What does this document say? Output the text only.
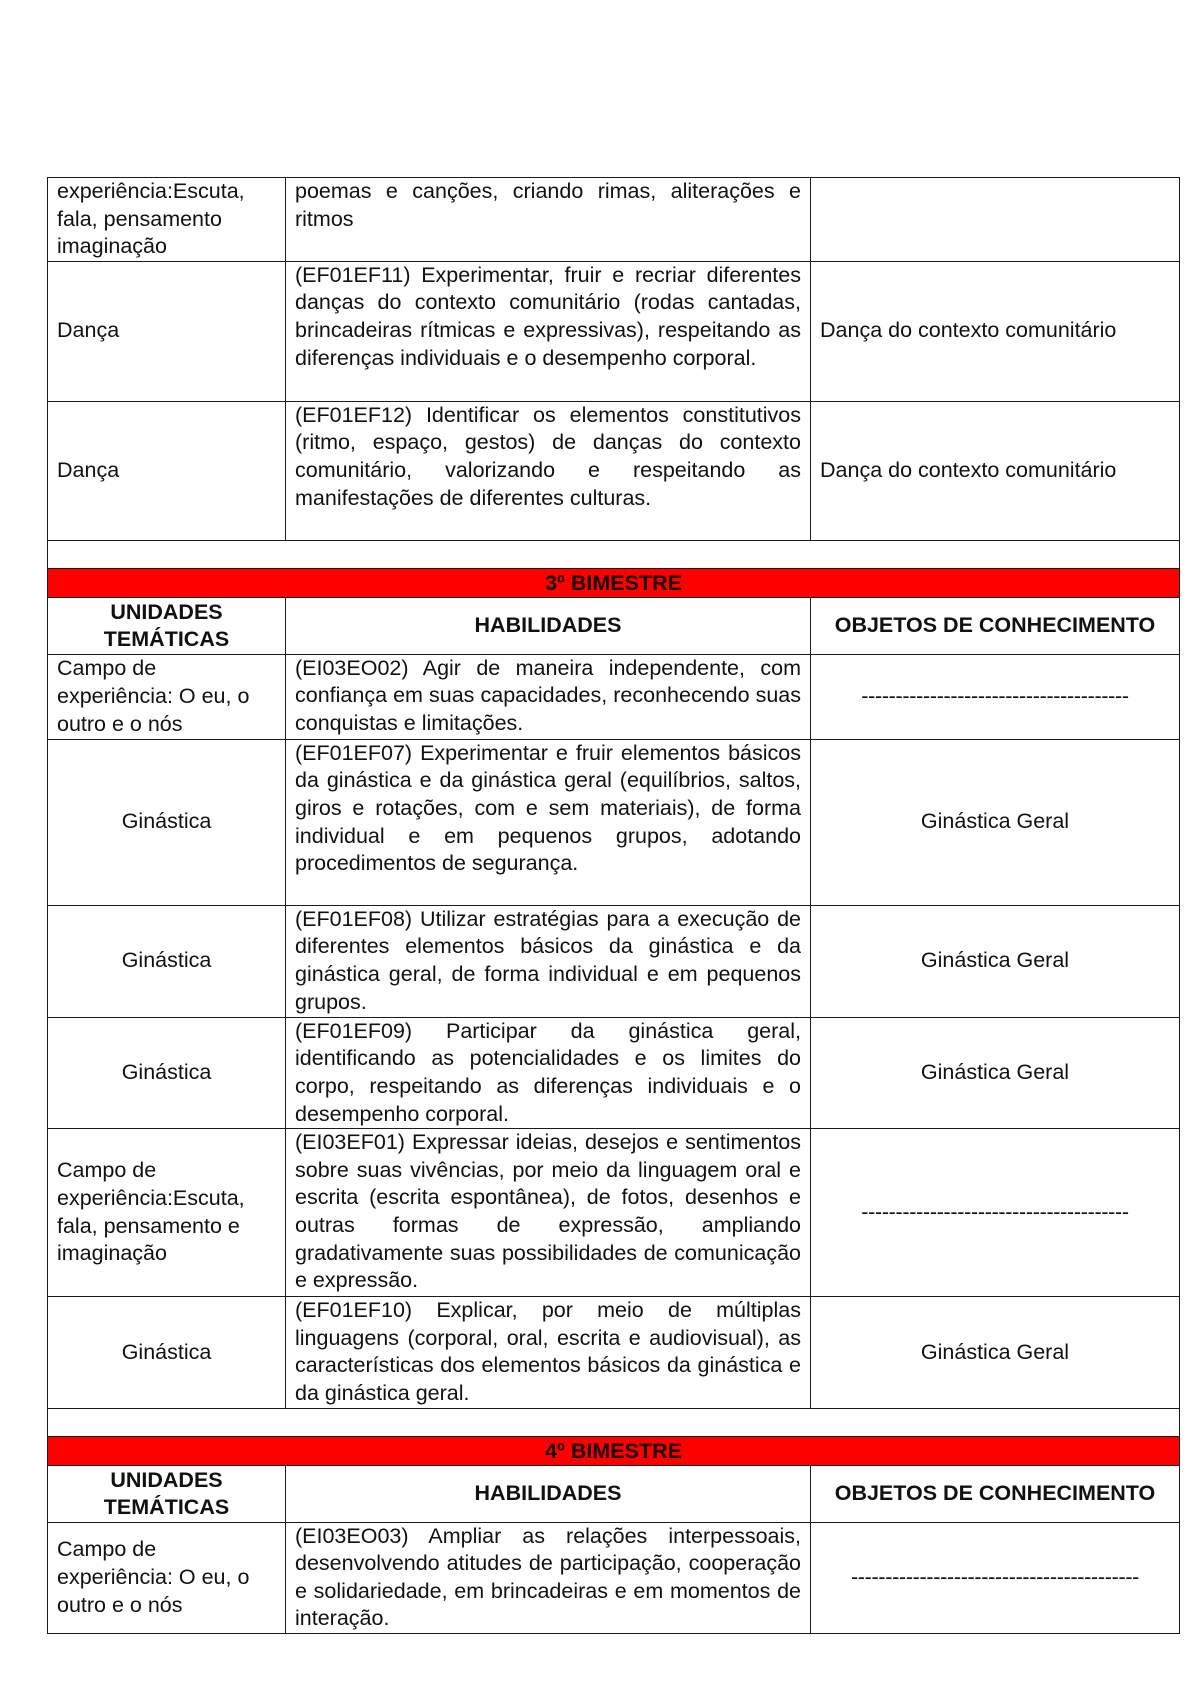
experiência:Escuta, fala, pensamento imaginação	poemas e canções, criando rimas, aliterações e ritmos	
Dança	(EF01EF11) Experimentar, fruir e recriar diferentes danças do contexto comunitário (rodas cantadas, brincadeiras rítmicas e expressivas), respeitando as diferenças individuais e o desempenho corporal.	Dança do contexto comunitário
Dança	(EF01EF12) Identificar os elementos constitutivos (ritmo, espaço, gestos) de danças do contexto comunitário, valorizando e respeitando as manifestações de diferentes culturas.	Dança do contexto comunitário

3º BIMESTRE		
UNIDADES TEMÁTICAS	HABILIDADES	OBJETOS DE CONHECIMENTO
Campo de experiência: O eu, o outro e o nós	(EI03EO02) Agir de maneira independente, com confiança em suas capacidades, reconhecendo suas conquistas e limitações.	---------------------------------------
Ginástica	(EF01EF07) Experimentar e fruir elementos básicos da ginástica e da ginástica geral (equilíbrios, saltos, giros e rotações, com e sem materiais), de forma individual e em pequenos grupos, adotando procedimentos de segurança.	Ginástica Geral
Ginástica	(EF01EF08) Utilizar estratégias para a execução de diferentes elementos básicos da ginástica e da ginástica geral, de forma individual e em pequenos grupos.	Ginástica Geral
Ginástica	(EF01EF09) Participar da ginástica geral, identificando as potencialidades e os limites do corpo, respeitando as diferenças individuais e o desempenho corporal.	Ginástica Geral
Campo de experiência:Escuta, fala, pensamento e imaginação	(EI03EF01) Expressar ideias, desejos e sentimentos sobre suas vivências, por meio da linguagem oral e escrita (escrita espontânea), de fotos, desenhos e outras formas de expressão, ampliando gradativamente suas possibilidades de comunicação e expressão.	---------------------------------------
Ginástica	(EF01EF10) Explicar, por meio de múltiplas linguagens (corporal, oral, escrita e audiovisual), as características dos elementos básicos da ginástica e da ginástica geral.	Ginástica Geral

4º BIMESTRE		
UNIDADES TEMÁTICAS	HABILIDADES	OBJETOS DE CONHECIMENTO
Campo de experiência: O eu, o outro e o nós	(EI03EO03) Ampliar as relações interpessoais, desenvolvendo atitudes de participação, cooperação e solidariedade, em brincadeiras e em momentos de interação.	------------------------------------------
